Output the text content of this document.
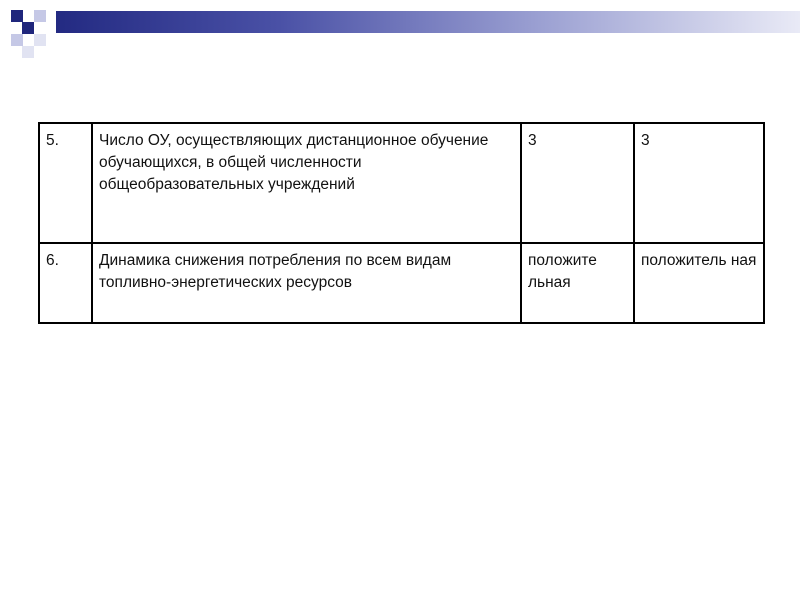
5.	Число ОУ, осуществляющих дистанционное обучение обучающихся, в общей численности общеобразовательных учреждений	3	3
6.	Динамика снижения потребления по всем видам топливно-энергетических ресурсов	положите льная	положитель ная
